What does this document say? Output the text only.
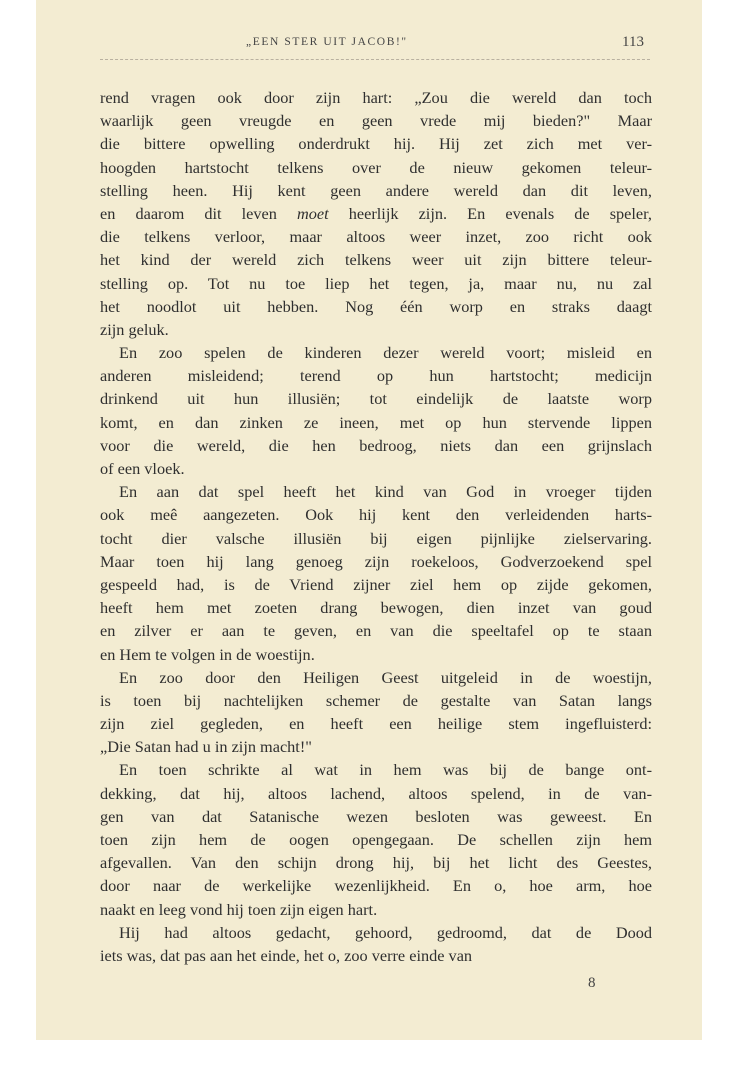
„EEN STER UIT JACOB!"	113
rend vragen ook door zijn hart: „Zou die wereld dan toch
waarlijk geen vreugde en geen vrede mij bieden?" Maar
die bittere opwelling onderdrukt hij. Hij zet zich met ver-
hoogden hartstocht telkens over de nieuw gekomen teleur-
stelling heen. Hij kent geen andere wereld dan dit leven,
en daarom dit leven moet heerlijk zijn. En evenals de speler,
die telkens verloor, maar altoos weer inzet, zoo richt ook
het kind der wereld zich telkens weer uit zijn bittere teleur-
stelling op. Tot nu toe liep het tegen, ja, maar nu, nu zal
het noodlot uit hebben. Nog één worp en straks daagt
zijn geluk.
En zoo spelen de kinderen dezer wereld voort; misleid en
anderen misleidend; terend op hun hartstocht; medicijn
drinkend uit hun illusiën; tot eindelijk de laatste worp
komt, en dan zinken ze ineen, met op hun stervende lippen
voor die wereld, die hen bedroog, niets dan een grijnslach
of een vloek.
En aan dat spel heeft het kind van God in vroeger tijden
ook meê aangezeten. Ook hij kent den verleidenden harts-
tocht dier valsche illusiën bij eigen pijnlijke zielservaring.
Maar toen hij lang genoeg zijn roekeloos, Godverzoekend spel
gespeeld had, is de Vriend zijner ziel hem op zijde gekomen,
heeft hem met zoeten drang bewogen, dien inzet van goud
en zilver er aan te geven, en van die speeltafel op te staan
en Hem te volgen in de woestijn.
En zoo door den Heiligen Geest uitgeleid in de woestijn,
is toen bij nachtelijken schemer de gestalte van Satan langs
zijn ziel gegleden, en heeft een heilige stem ingefluisterd:
„Die Satan had u in zijn macht!"
En toen schrikte al wat in hem was bij de bange ont-
dekking, dat hij, altoos lachend, altoos spelend, in de van-
gen van dat Satanische wezen besloten was geweest. En
toen zijn hem de oogen opengegaan. De schellen zijn hem
afgevallen. Van den schijn drong hij, bij het licht des Geestes,
door naar de werkelijke wezenlijkheid. En o, hoe arm, hoe
naakt en leeg vond hij toen zijn eigen hart.
Hij had altoos gedacht, gehoord, gedroomd, dat de Dood
iets was, dat pas aan het einde, het o, zoo verre einde van
8
